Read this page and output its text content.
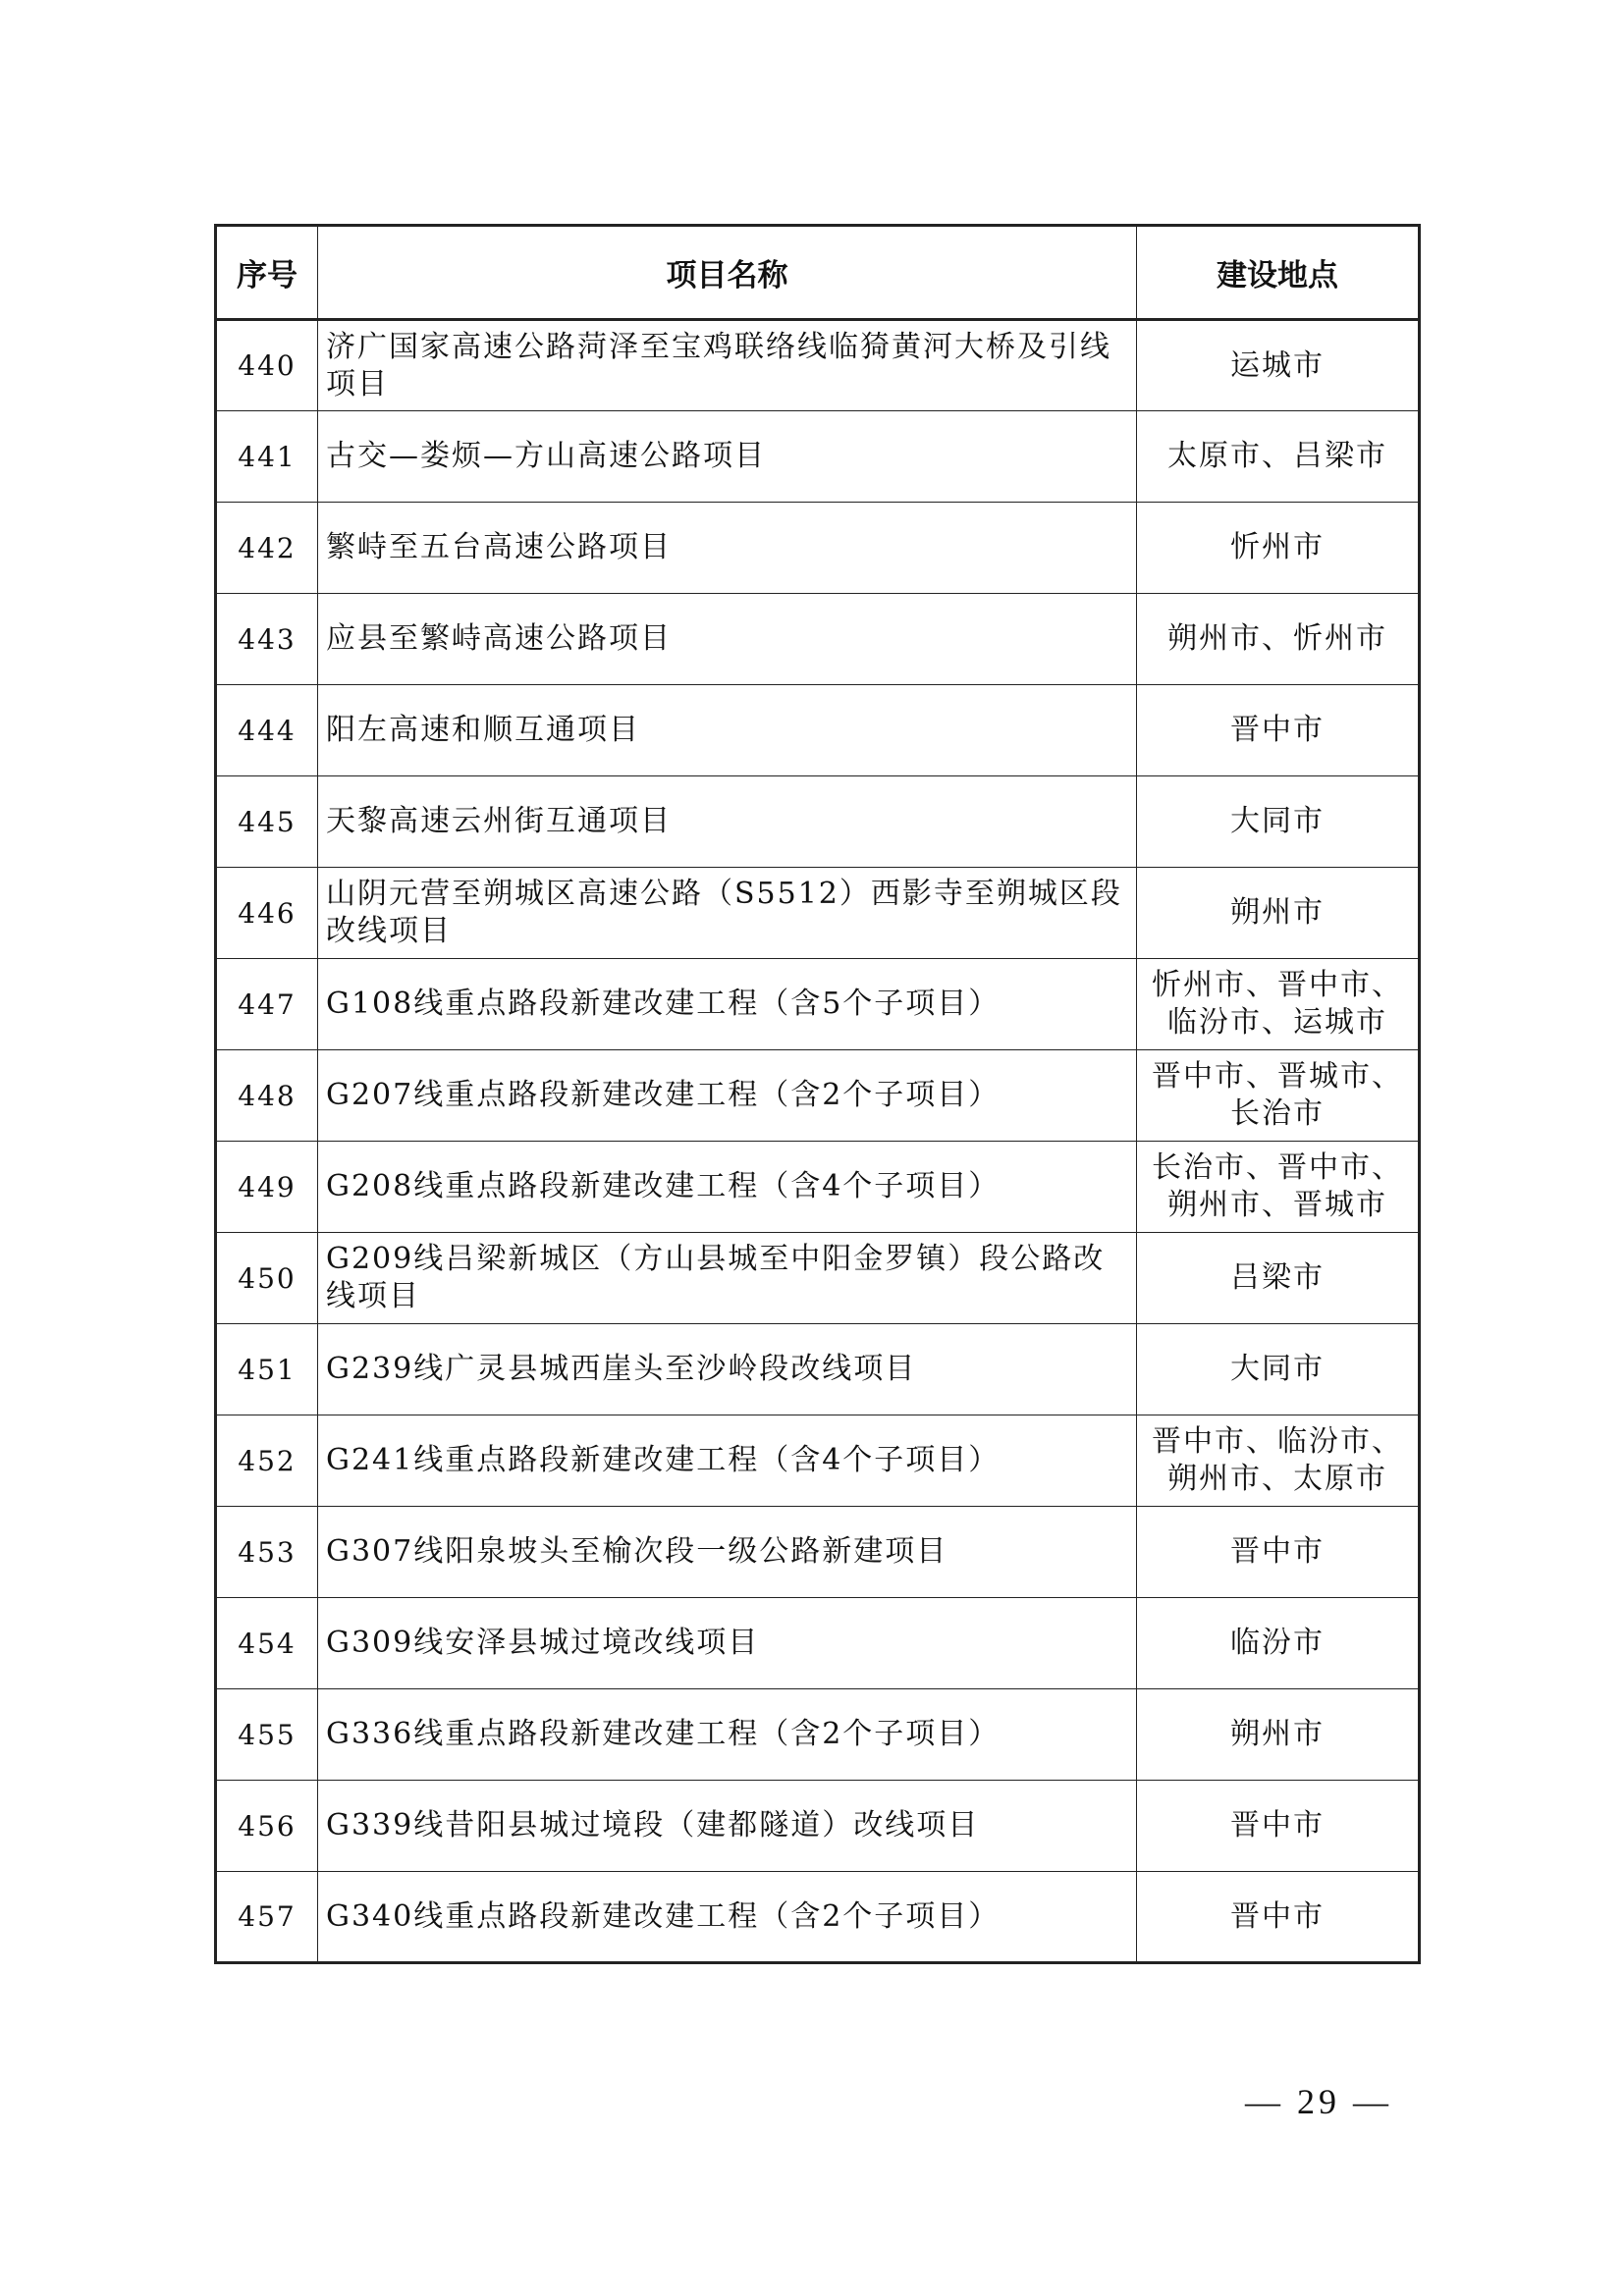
序号	项目名称	建设地点
440	济广国家高速公路菏泽至宝鸡联络线临猗黄河大桥及引线项目	运城市
441	古交—娄烦—方山高速公路项目	太原市、吕梁市
442	繁峙至五台高速公路项目	忻州市
443	应县至繁峙高速公路项目	朔州市、忻州市
444	阳左高速和顺互通项目	晋中市
445	天黎高速云州街互通项目	大同市
446	山阴元营至朔城区高速公路（S5512）西影寺至朔城区段改线项目	朔州市
447	G108线重点路段新建改建工程（含5个子项目）	忻州市、晋中市、临汾市、运城市
448	G207线重点路段新建改建工程（含2个子项目）	晋中市、晋城市、长治市
449	G208线重点路段新建改建工程（含4个子项目）	长治市、晋中市、朔州市、晋城市
450	G209线吕梁新城区（方山县城至中阳金罗镇）段公路改线项目	吕梁市
451	G239线广灵县城西崖头至沙岭段改线项目	大同市
452	G241线重点路段新建改建工程（含4个子项目）	晋中市、临汾市、朔州市、太原市
453	G307线阳泉坡头至榆次段一级公路新建项目	晋中市
454	G309线安泽县城过境改线项目	临汾市
455	G336线重点路段新建改建工程（含2个子项目）	朔州市
456	G339线昔阳县城过境段（建都隧道）改线项目	晋中市
457	G340线重点路段新建改建工程（含2个子项目）	晋中市
— 29 —
